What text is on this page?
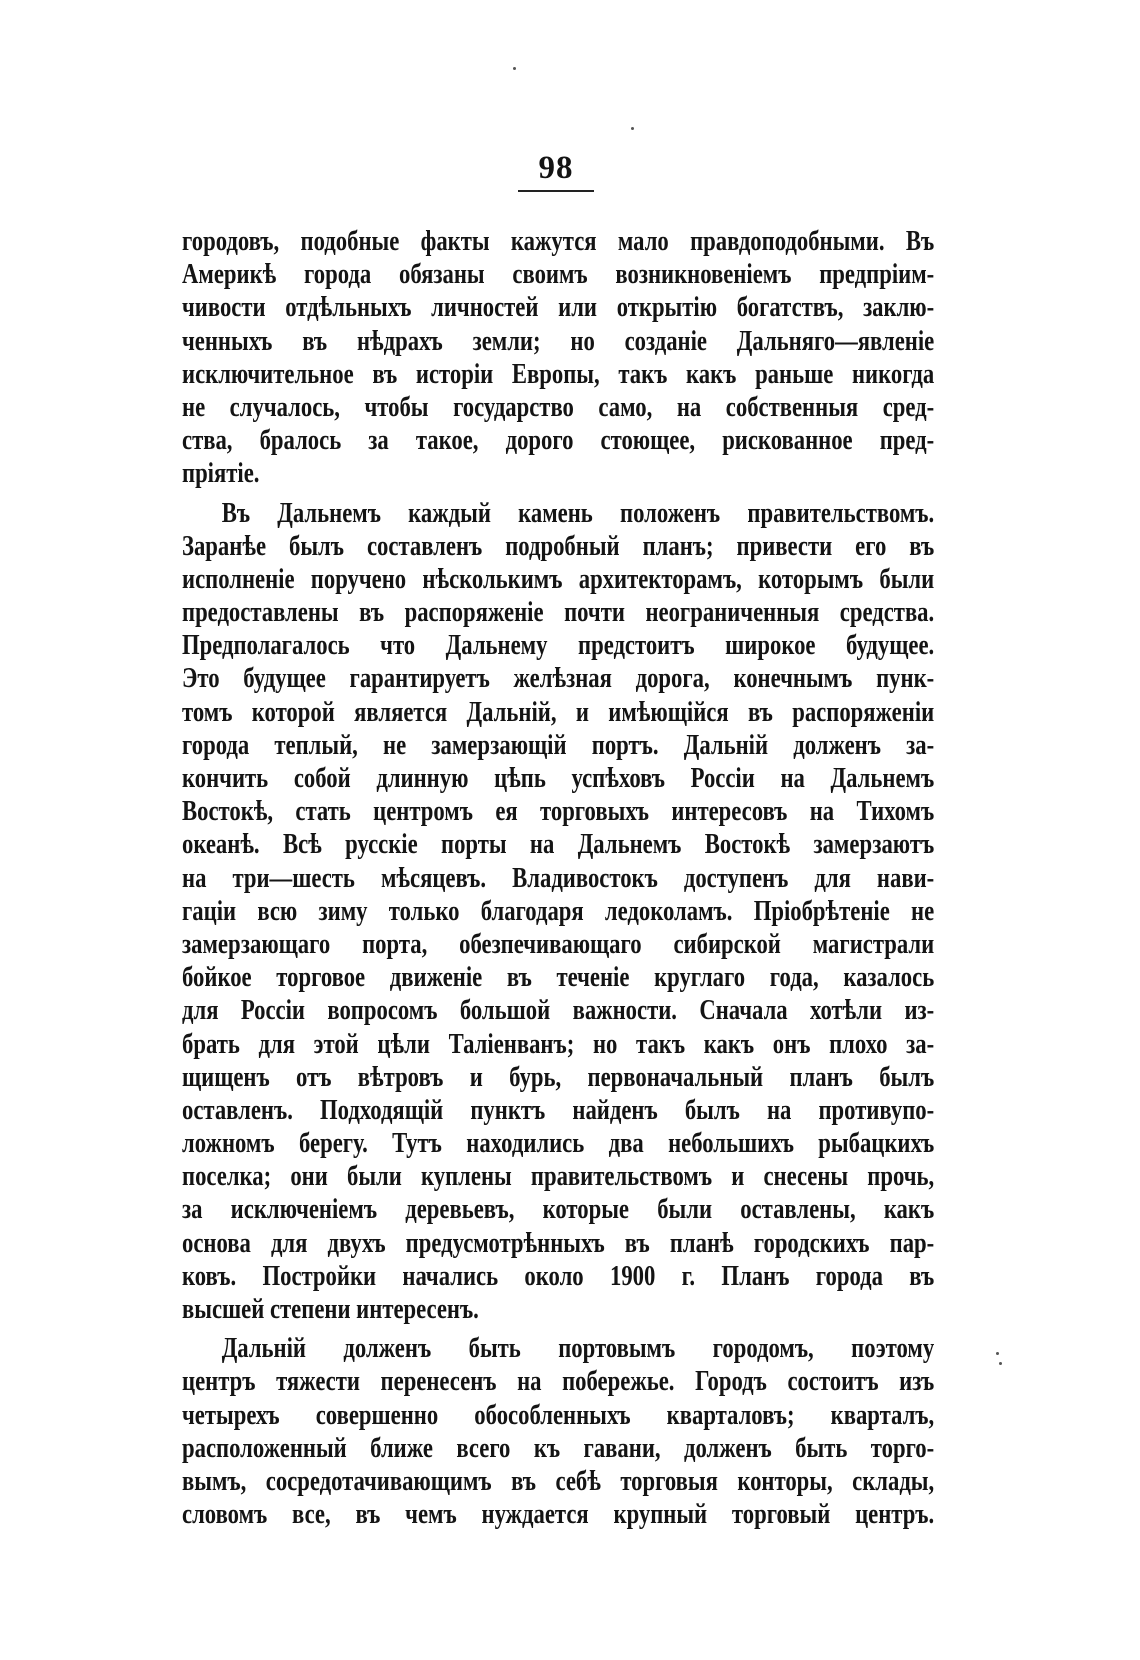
98
городовъ, подобные факты кажутся мало правдоподобными. Въ
Америкѣ города обязаны своимъ возникновеніемъ предпріим-
чивости отдѣльныхъ личностей или открытію богатствъ, заклю-
ченныхъ въ нѣдрахъ земли; но созданіе Дальняго—явленіе
исключительное въ исторіи Европы, такъ какъ раньше никогда
не случалось, чтобы государство само, на собственныя сред-
ства, бралось за такое, дорого стоющее, рискованное пред-
пріятіе.
Въ Дальнемъ каждый камень положенъ правительствомъ.
Заранѣе былъ составленъ подробный планъ; привести его въ
исполненіе поручено нѣсколькимъ архитекторамъ, которымъ были
предоставлены въ распоряженіе почти неограниченныя средства.
Предполагалось что Дальнему предстоитъ широкое будущее.
Это будущее гарантируетъ желѣзная дорога, конечнымъ пунк-
томъ которой является Дальній, и имѣющійся въ распоряженіи
города теплый, не замерзающій портъ. Дальній долженъ за-
кончить собой длинную цѣпь успѣховъ Россіи на Дальнемъ
Востокѣ, стать центромъ ея торговыхъ интересовъ на Тихомъ
океанѣ. Всѣ русскіе порты на Дальнемъ Востокѣ замерзаютъ
на три—шесть мѣсяцевъ. Владивостокъ доступенъ для нави-
гаціи всю зиму только благодаря ледоколамъ. Пріобрѣтеніе не
замерзающаго порта, обезпечивающаго сибирской магистрали
бойкое торговое движеніе въ теченіе круглаго года, казалось
для Россіи вопросомъ большой важности. Сначала хотѣли из-
брать для этой цѣли Таліенванъ; но такъ какъ онъ плохо за-
щищенъ отъ вѣтровъ и бурь, первоначальный планъ былъ
оставленъ. Подходящій пунктъ найденъ былъ на противупо-
ложномъ берегу. Тутъ находились два небольшихъ рыбацкихъ
поселка; они были куплены правительствомъ и снесены прочь,
за исключеніемъ деревьевъ, которые были оставлены, какъ
основа для двухъ предусмотрѣнныхъ въ планѣ городскихъ пар-
ковъ. Постройки начались около 1900 г. Планъ города въ
высшей степени интересенъ.
Дальній долженъ быть портовымъ городомъ, поэтому
центръ тяжести перенесенъ на побережье. Городъ состоитъ изъ
четырехъ совершенно обособленныхъ кварталовъ; кварталъ,
расположенный ближе всего къ гавани, долженъ быть торго-
вымъ, сосредотачивающимъ въ себѣ торговыя конторы, склады,
словомъ все, въ чемъ нуждается крупный торговый центръ.
